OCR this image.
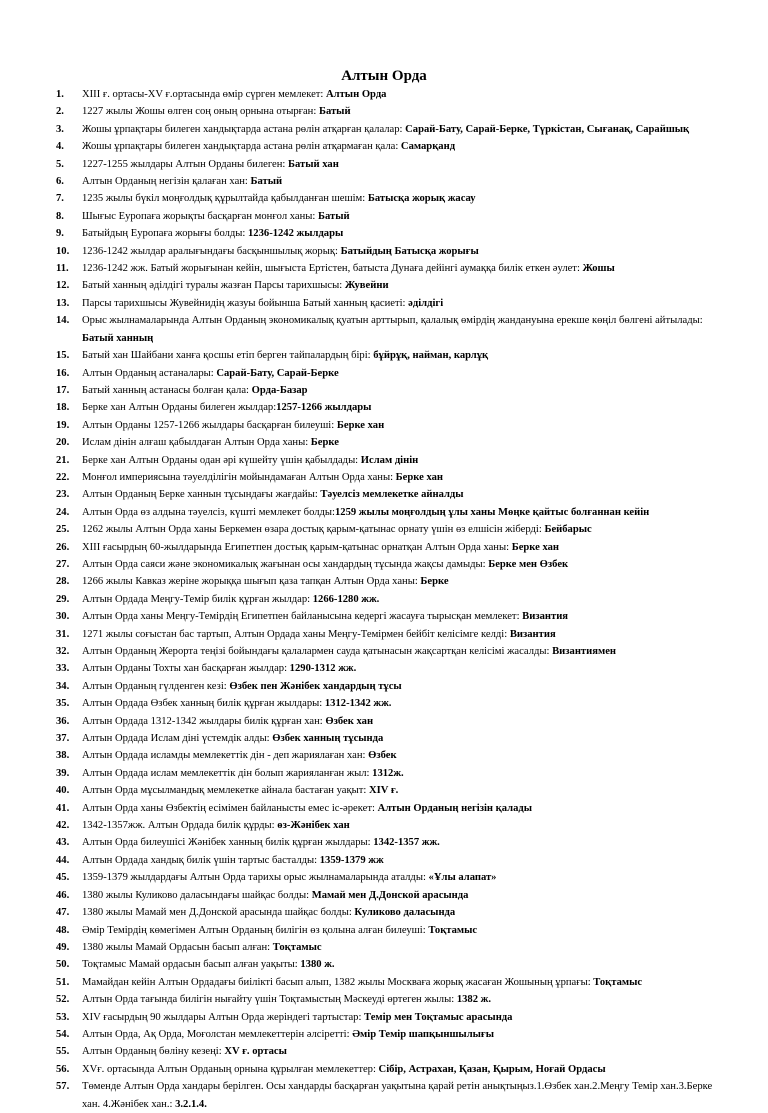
Алтын Орда
1.	XIII ғ. ортасы-XV ғ.ортасында өмір сүрген мемлекет: Алтын Орда
2.	1227 жылы Жошы өлген соң оның орнына отырған: Батый
3.	Жошы ұрпақтары билеген хандықтарда астана рөлін атқарған қалалар: Сарай-Бату, Сарай-Берке, Түркістан, Сығанақ, Сарайшық
4.	Жошы ұрпақтары билеген хандықтарда астана рөлін атқармаған қала: Самарқанд
5.	1227-1255 жылдары Алтын Орданы билеген: Батый хан
6.	Алтын Орданың негізін қалаған хан: Батый
7.	1235 жылы бүкіл моңғолдық құрылтайда қабылданған шешім: Батысқа жорық жасау
8.	Шығыс Еуропаға жорықты басқарған монғол ханы: Батый
9.	Батыйдың Еуропаға жорығы болды: 1236-1242 жылдары
10.	1236-1242 жылдар аралығындағы басқыншылық жорық: Батыйдың Батысқа жорығы
11.	1236-1242 жж. Батый жорығынан кейін, шығыста Ертістен, батыста Дунаға дейінгі аумаққа билік еткен әулет: Жошы
12.	Батый ханның әділдігі туралы жазған Парсы тарихшысы: Жувейни
13.	Парсы тарихшысы Жувейнидің жазуы бойынша Батый ханның қасиеті: әділдігі
14.	Орыс жылнамаларында Алтын Орданың экономикалық қуатын арттырып, қалалық өмірдің жандануына ерекше көңіл бөлгені айтылады: Батый ханның
15.	Батый хан Шайбани ханға қосшы етіп берген тайпалардың бірі: бұйрұқ, найман, карлұқ
16.	Алтын Орданың астаналары: Сарай-Бату, Сарай-Берке
17.	Батый ханның астанасы болған қала: Орда-Базар
18.	Берке хан Алтын Орданы билеген жылдар:1257-1266 жылдары
19.	Алтын Орданы 1257-1266 жылдары басқарған билеуші: Берке хан
20.	Ислам дінін алғаш қабылдаған Алтын Орда ханы: Берке
21.	Берке хан Алтын Орданы одан әрі күшейту үшін қабылдады: Ислам дінін
22.	Монғол империясына тәуелділігін мойындамаған Алтын Орда ханы: Берке хан
23.	Алтын Орданың Берке ханнын тұсындағы жағдайы: Тәуелсіз мемлекетке айналды
24.	Алтын Орда өз алдына тәуелсіз, күшті мемлекет болды:1259 жылы моңғолдың ұлы ханы Мөңке қайтыс болғаннан кейін
25.	1262 жылы Алтын Орда ханы Беркемен өзара достық қарым-қатынас орнату үшін өз елшісін жіберді: Бейбарыс
26.	XIII ғасырдың 60-жылдарында Египетпен достық қарым-қатынас орнатқан Алтын Орда ханы: Берке хан
27.	Алтын Орда саяси және экономикалық жағынан осы хандардың тұсында жақсы дамыды: Берке мен Өзбек
28.	1266 жылы Кавказ жеріне жорыққа шығып қаза тапқан Алтын Орда ханы: Берке
29.	Алтын Ордада Меңгу-Темір билік құрған жылдар: 1266-1280 жж.
30.	Алтын Орда ханы Меңгу-Темірдің Египетпен байланысына кедергі жасауға тырысқан мемлекет: Византия
31.	1271 жылы соғыстан бас тартып, Алтын Ордада ханы Меңгу-Темірмен бейбіт келісімге келді: Византия
32.	Алтын Орданың Жерорта теңізі бойындағы қалалармен сауда қатынасын жақсартқан келісімі жасалды: Византиямен
33.	Алтын Орданы Тохты хан басқарған жылдар: 1290-1312 жж.
34.	Алтын Орданың гүлденген кезі: Өзбек пен Жәнібек хандардың тұсы
35.	Алтын Ордада Өзбек ханның билік құрған жылдары: 1312-1342 жж.
36.	Алтын Ордада 1312-1342 жылдары билік құрған хан: Өзбек хан
37.	Алтын Ордада Ислам діні үстемдік алды: Өзбек ханның тұсында
38.	Алтын Ордада исламды мемлекеттік дін - деп жариялаған хан: Өзбек
39.	Алтын Ордада ислам мемлекеттік дін болып жарияланған жыл: 1312ж.
40.	Алтын Орда мұсылмандық мемлекетке айнала бастаған уақыт: XIV ғ.
41.	Алтын Орда ханы Өзбектің есімімен байланысты емес іс-әрекет: Алтын Орданың негізін қалады
42.	1342-1357жж. Алтын Ордада билік құрды: өз-Жәнібек хан
43.	Алтын Орда билеушісі Жәнібек ханның билік құрған жылдары: 1342-1357 жж.
44.	Алтын Ордада хандық билік үшін тартыс басталды: 1359-1379 жж
45.	1359-1379 жылдардағы Алтын Орда тарихы орыс жылнамаларында аталды: «Ұлы алапат»
46.	1380 жылы Куликово даласындағы шайқас болды: Мамай мен Д.Донской арасында
47.	1380 жылы Мамай мен Д.Донской арасында шайқас болды: Куликово даласында
48.	Әмір Темірдің көмегімен Алтын Орданың билігін өз қолына алған билеуші: Тоқтамыс
49.	1380 жылы Мамай Ордасын басып алған: Тоқтамыс
50.	Тоқтамыс Мамай ордасын басып алған уақыты: 1380 ж.
51.	Мамайдан кейін Алтын Ордадағы биілікті басып алып, 1382 жылы Москваға жорық жасаған Жошының ұрпағы: Тоқтамыс
52.	Алтын Орда тағында билігін нығайту үшін Тоқтамыстың Мәскеуді өртеген жылы: 1382 ж.
53.	XIV ғасырдың 90 жылдары Алтын Орда жеріндегі тартыстар: Темір мен Тоқтамыс арасында
54.	Алтын Орда, Ақ Орда, Моғолстан мемлекеттерін әлсіретті: Әмір Темір шапқыншылығы
55.	Алтын Орданың бөліну кезеңі: XV ғ. ортасы
56.	XVғ. ортасында Алтын Орданың орнына құрылған мемлекеттер: Сібір, Астрахан, Қазан, Қырым, Ноғай Ордасы
57.	Төменде Алтын Орда хандары берілген. Осы хандарды басқарған уақытына қарай ретін анықтыңыз.1.Өзбек хан.2.Меңгу Темір хан.3.Берке хан. 4.Жәнібек хан.: 3.2.1.4.
